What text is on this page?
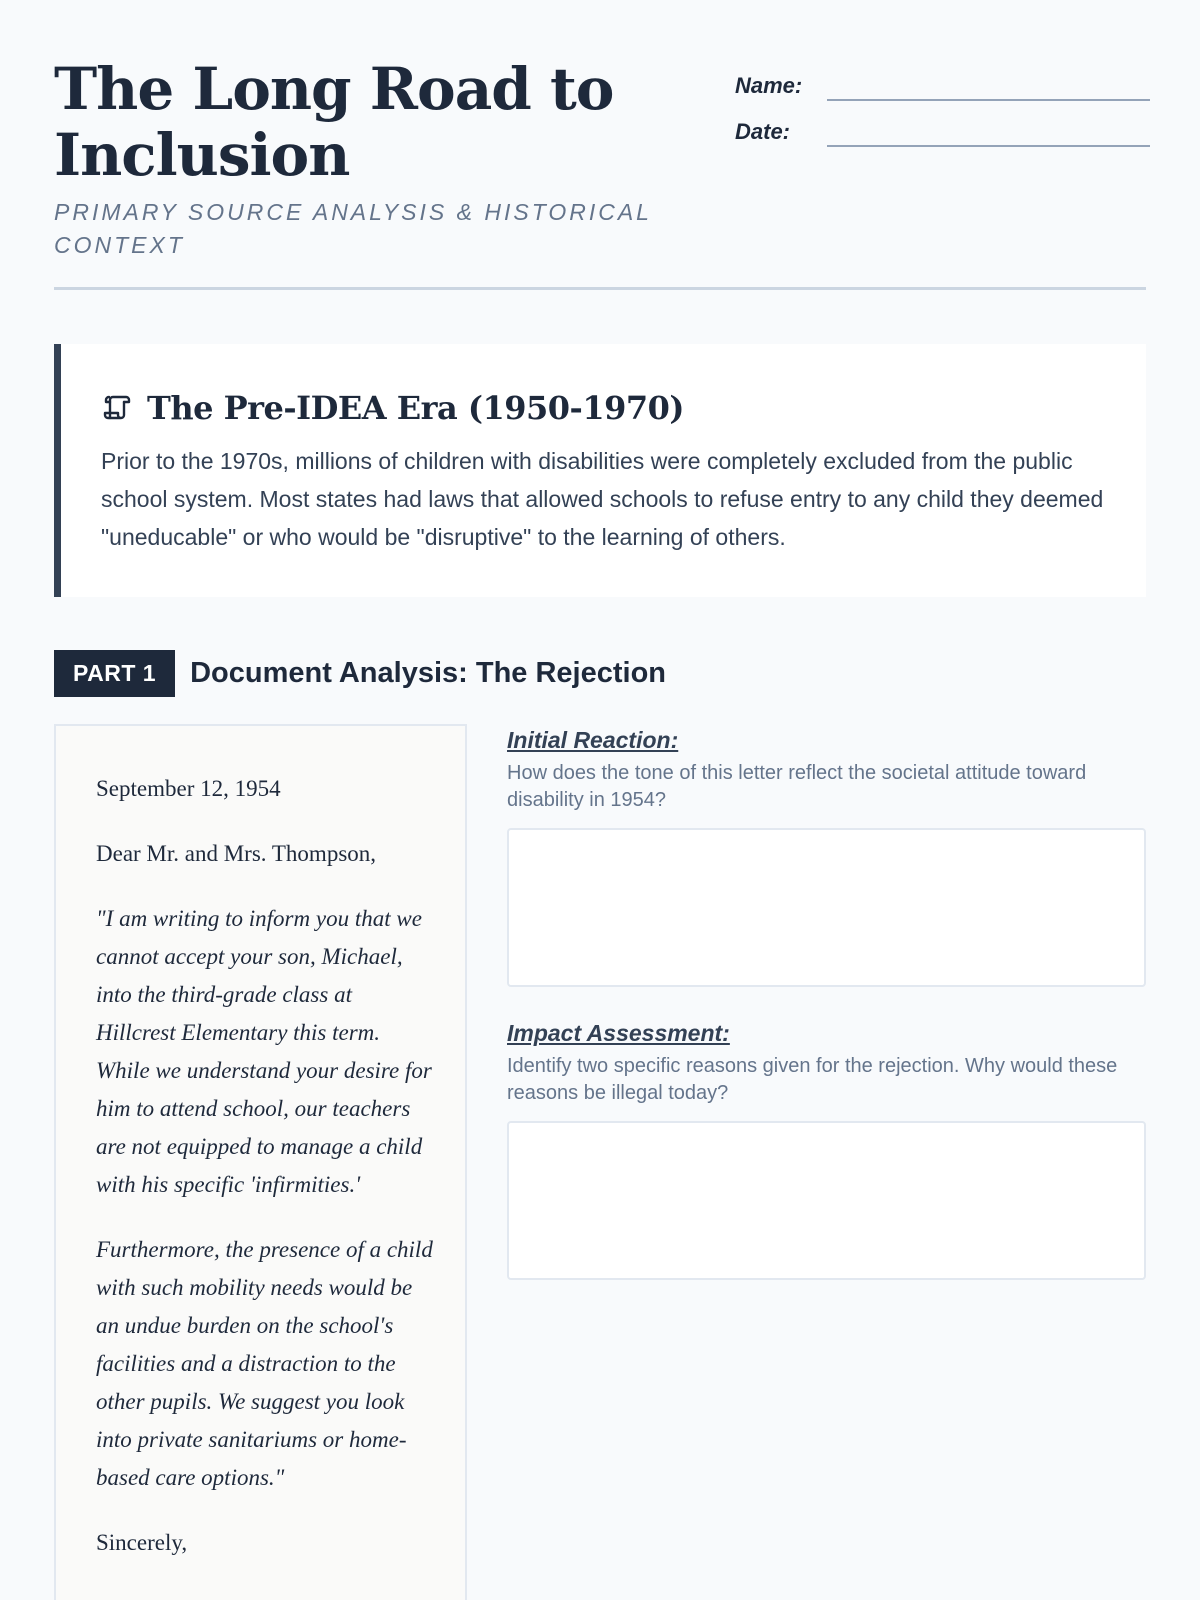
The Long Road to Inclusion
PRIMARY SOURCE ANALYSIS & HISTORICAL CONTEXT
Name:
Date:
The Pre-IDEA Era (1950-1970)

Prior to the 1970s, millions of children with disabilities were completely excluded from the public school system. Most states had laws that allowed schools to refuse entry to any child they deemed "uneducable" or who would be "disruptive" to the learning of others.

PART 1	Document Analysis: The Rejection

September 12, 1954

Dear Mr. and Mrs. Thompson,

"I am writing to inform you that we cannot accept your son, Michael, into the third-grade class at Hillcrest Elementary this term. While we understand your desire for him to attend school, our teachers are not equipped to manage a child with his specific 'infirmities.'

Furthermore, the presence of a child with such mobility needs would be an undue burden on the school's facilities and a distraction to the other pupils. We suggest you look into private sanitariums or home-based care options."

Sincerely,

Initial Reaction:
How does the tone of this letter reflect the societal attitude toward disability in 1954?
Impact Assessment:
Identify two specific reasons given for the rejection. Why would these reasons be illegal today?
